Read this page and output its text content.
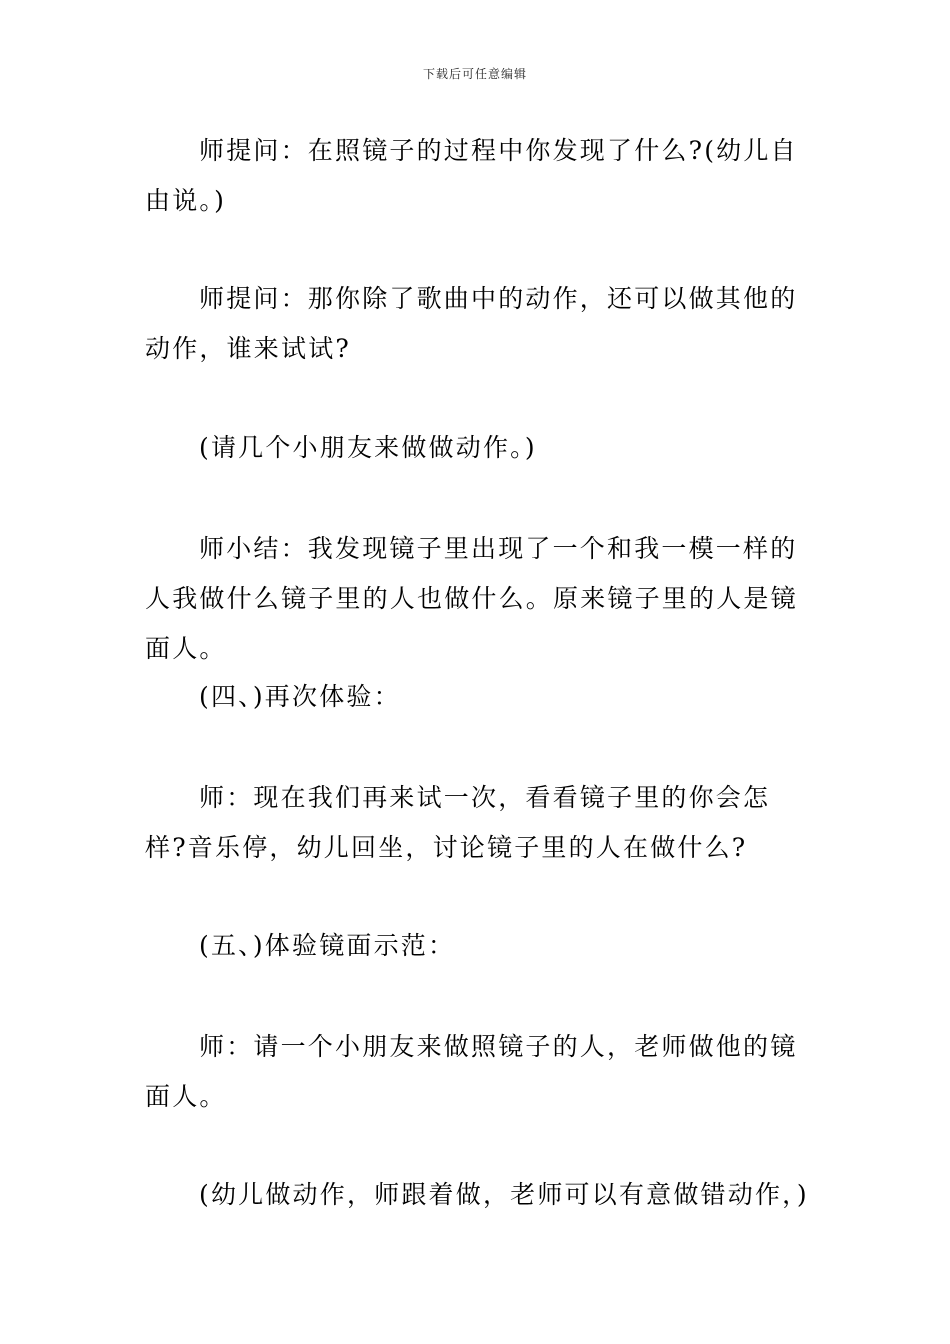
下载后可任意编辑

师提问：在照镜子的过程中你发现了什么?(幼儿自由说。)

师提问：那你除了歌曲中的动作，还可以做其他的动作，谁来试试?

(请几个小朋友来做做动作。)

师小结：我发现镜子里出现了一个和我一模一样的人我做什么镜子里的人也做什么。原来镜子里的人是镜面人。

(四、)再次体验：

师：现在我们再来试一次，看看镜子里的你会怎样?音乐停，幼儿回坐，讨论镜子里的人在做什么?

(五、)体验镜面示范：

师：请一个小朋友来做照镜子的人，老师做他的镜面人。

(幼儿做动作，师跟着做，老师可以有意做错动作，)
